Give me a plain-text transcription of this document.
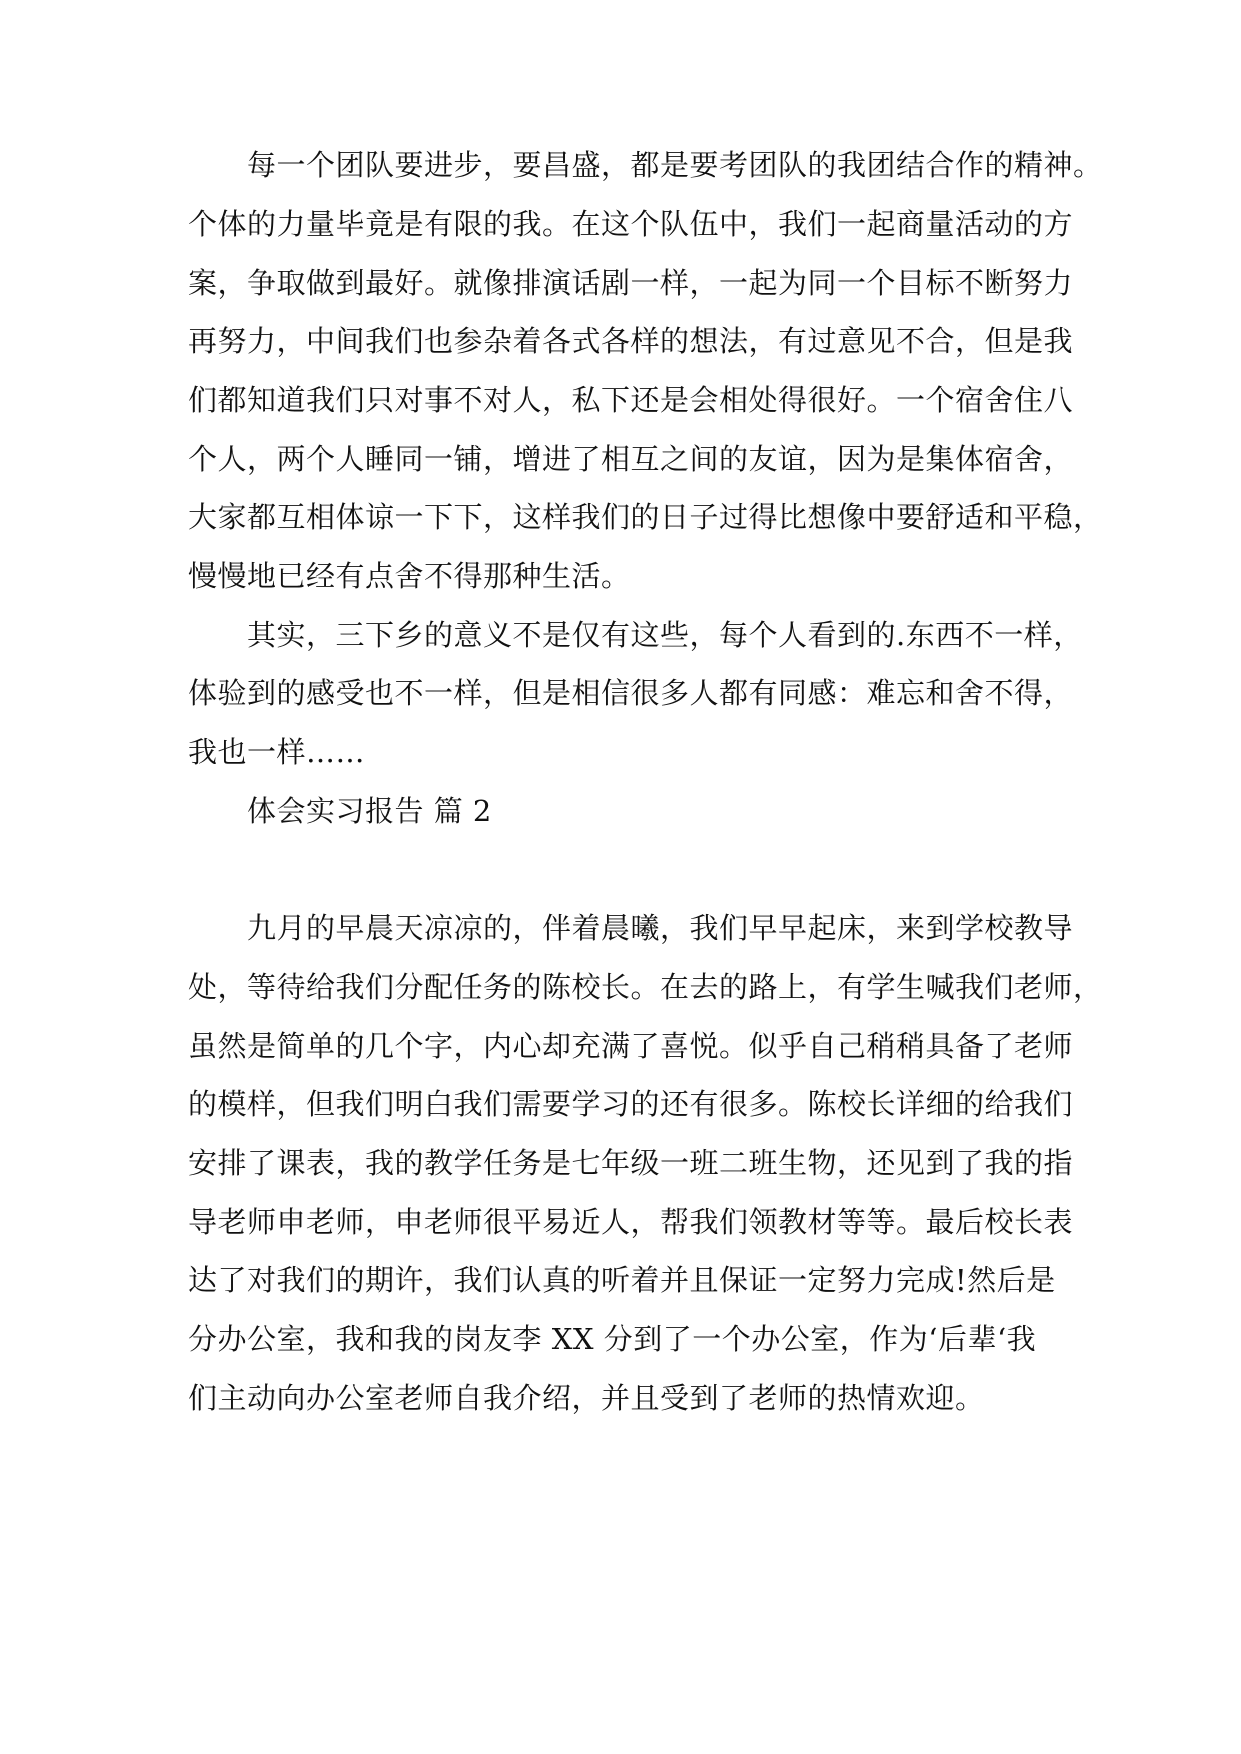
每一个团队要进步，要昌盛，都是要考团队的我团结合作的精神。
个体的力量毕竟是有限的我。在这个队伍中，我们一起商量活动的方
案，争取做到最好。就像排演话剧一样，一起为同一个目标不断努力
再努力，中间我们也参杂着各式各样的想法，有过意见不合，但是我
们都知道我们只对事不对人，私下还是会相处得很好。一个宿舍住八
个人，两个人睡同一铺，增进了相互之间的友谊，因为是集体宿舍，
大家都互相体谅一下下，这样我们的日子过得比想像中要舒适和平稳，
慢慢地已经有点舍不得那种生活。
其实，三下乡的意义不是仅有这些，每个人看到的.东西不一样，
体验到的感受也不一样，但是相信很多人都有同感：难忘和舍不得，
我也一样……
体会实习报告 篇 2
九月的早晨天凉凉的，伴着晨曦，我们早早起床，来到学校教导
处，等待给我们分配任务的陈校长。在去的路上，有学生喊我们老师，
虽然是简单的几个字，内心却充满了喜悦。似乎自己稍稍具备了老师
的模样，但我们明白我们需要学习的还有很多。陈校长详细的给我们
安排了课表，我的教学任务是七年级一班二班生物，还见到了我的指
导老师申老师，申老师很平易近人，帮我们领教材等等。最后校长表
达了对我们的期许，我们认真的听着并且保证一定努力完成!然后是
分办公室，我和我的岗友李 XX 分到了一个办公室，作为‘后辈‘我
们主动向办公室老师自我介绍，并且受到了老师的热情欢迎。
